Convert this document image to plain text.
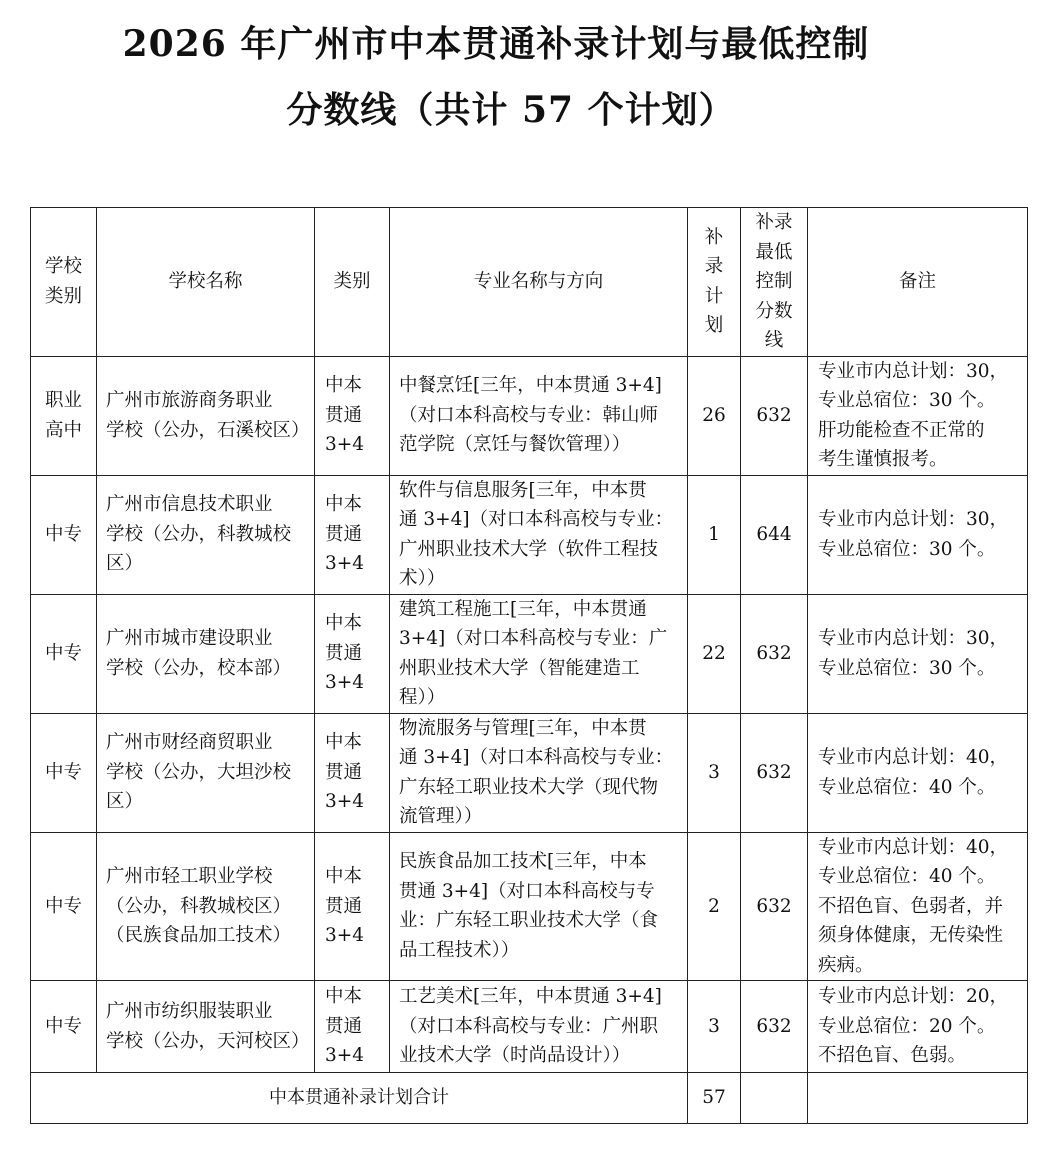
2026 年广州市中本贯通补录计划与最低控制

分数线（共计 57 个计划）

学校
类别	学校名称	类别	专业名称与方向	补
录
计
划	补录
最低
控制
分数
线	备注

职业
高中	广州市旅游商务职业
学校（公办，石溪校区）	中本
贯通
3+4	中餐烹饪[三年，中本贯通 3+4]
（对口本科高校与专业：韩山师
范学院（烹饪与餐饮管理））	26	632	专业市内总计划：30，
专业总宿位：30 个。
肝功能检查不正常的
考生谨慎报考。

中专	广州市信息技术职业
学校（公办，科教城校
区）	中本
贯通
3+4	软件与信息服务[三年，中本贯
通 3+4]（对口本科高校与专业：
广州职业技术大学（软件工程技
术））	1	644	专业市内总计划：30，
专业总宿位：30 个。

中专	广州市城市建设职业
学校（公办，校本部）	中本
贯通
3+4	建筑工程施工[三年，中本贯通
3+4]（对口本科高校与专业：广
州职业技术大学（智能建造工
程））	22	632	专业市内总计划：30，
专业总宿位：30 个。

中专	广州市财经商贸职业
学校（公办，大坦沙校
区）	中本
贯通
3+4	物流服务与管理[三年，中本贯
通 3+4]（对口本科高校与专业：
广东轻工职业技术大学（现代物
流管理））	3	632	专业市内总计划：40，
专业总宿位：40 个。

中专	广州市轻工职业学校
（公办，科教城校区）
（民族食品加工技术）	中本
贯通
3+4	民族食品加工技术[三年，中本
贯通 3+4]（对口本科高校与专
业：广东轻工职业技术大学（食
品工程技术））	2	632	专业市内总计划：40，
专业总宿位：40 个。
不招色盲、色弱者，并
须身体健康，无传染性
疾病。

中专	广州市纺织服装职业
学校（公办，天河校区）	中本
贯通
3+4	工艺美术[三年，中本贯通 3+4]
（对口本科高校与专业：广州职
业技术大学（时尚品设计））	3	632	专业市内总计划：20，
专业总宿位：20 个。
不招色盲、色弱。

中本贯通补录计划合计				57		
